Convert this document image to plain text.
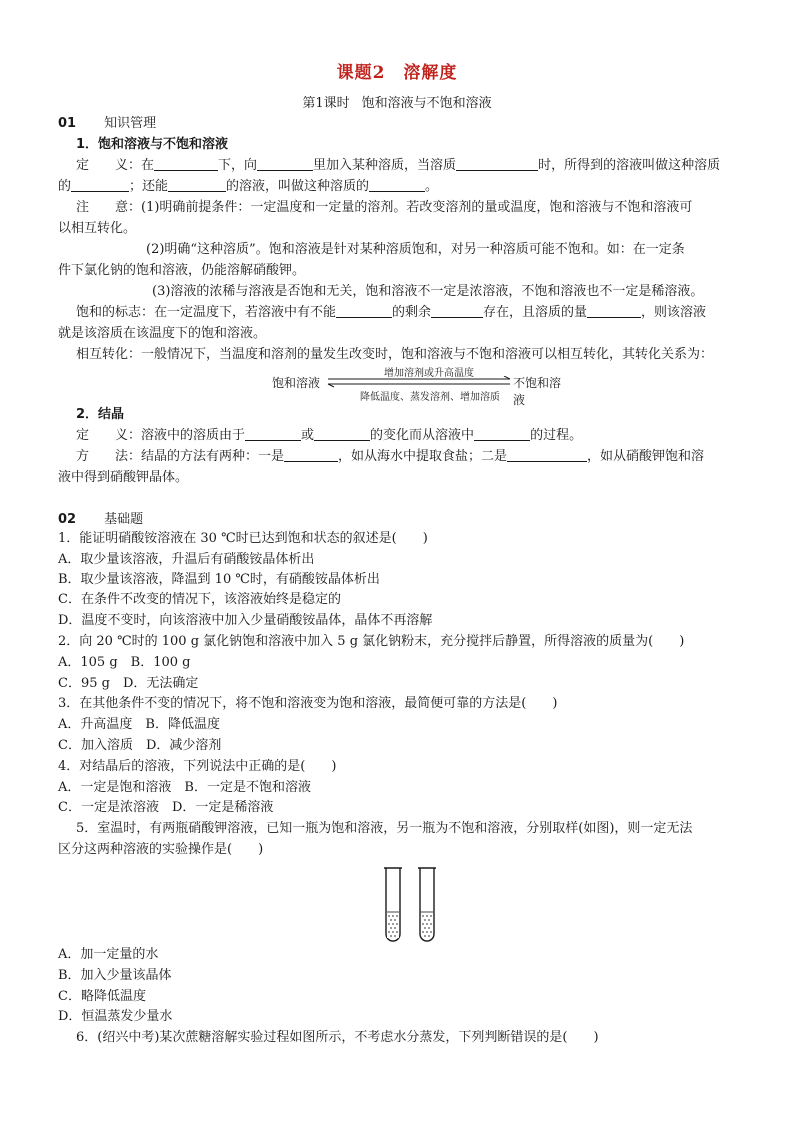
课题2 溶解度
第1课时 饱和溶液与不饱和溶液
01 知识管理
1．饱和溶液与不饱和溶液
定　　义：在	下，向	里加入某种溶质，当溶质	时，所得到的溶液叫做这种溶质
的	；还能	的溶液，叫做这种溶质的	。
注　　意：(1)明确前提条件：一定温度和一定量的溶剂。若改变溶剂的量或温度，饱和溶液与不饱和溶液可
以相互转化。
(2)明确“这种溶质”。饱和溶液是针对某种溶质饱和，对另一种溶质可能不饱和。如：在一定条
件下氯化钠的饱和溶液，仍能溶解硝酸钾。
(3)溶液的浓稀与溶液是否饱和无关，饱和溶液不一定是浓溶液，不饱和溶液也不一定是稀溶液。
饱和的标志：在一定温度下，若溶液中有不能	的剩余	存在，且溶质的量	，则该溶液
就是该溶质在该温度下的饱和溶液。
相互转化：一般情况下，当温度和溶剂的量发生改变时，饱和溶液与不饱和溶液可以相互转化，其转化关系为：
饱和溶液
增加溶剂或升高温度
不饱和溶液
降低温度、蒸发溶剂、增加溶质
2．结晶
定　　义：溶液中的溶质由于	或	的变化而从溶液中	的过程。
方　　法：结晶的方法有两种：一是	，如从海水中提取食盐；二是	，如从硝酸钾饱和溶
液中得到硝酸钾晶体。
02 基础题
1．能证明硝酸铵溶液在 30 ℃时已达到饱和状态的叙述是(　　)
A．取少量该溶液，升温后有硝酸铵晶体析出
B．取少量该溶液，降温到 10 ℃时，有硝酸铵晶体析出
C．在条件不改变的情况下，该溶液始终是稳定的
D．温度不变时，向该溶液中加入少量硝酸铵晶体，晶体不再溶解
2．向 20 ℃时的 100 g 氯化钠饱和溶液中加入 5 g 氯化钠粉末，充分搅拌后静置，所得溶液的质量为(　　)
A．105 g　B．100 g
C．95 g　D．无法确定
3．在其他条件不变的情况下，将不饱和溶液变为饱和溶液，最简便可靠的方法是(　　)
A．升高温度　B．降低温度
C．加入溶质　D．减少溶剂
4．对结晶后的溶液，下列说法中正确的是(　　)
A．一定是饱和溶液　B．一定是不饱和溶液
C．一定是浓溶液　D．一定是稀溶液
5．室温时，有两瓶硝酸钾溶液，已知一瓶为饱和溶液，另一瓶为不饱和溶液，分别取样(如图)，则一定无法
区分这两种溶液的实验操作是(　　)
A．加一定量的水
B．加入少量该晶体
C．略降低温度
D．恒温蒸发少量水
6．(绍兴中考)某次蔗糖溶解实验过程如图所示，不考虑水分蒸发，下列判断错误的是(　　)
